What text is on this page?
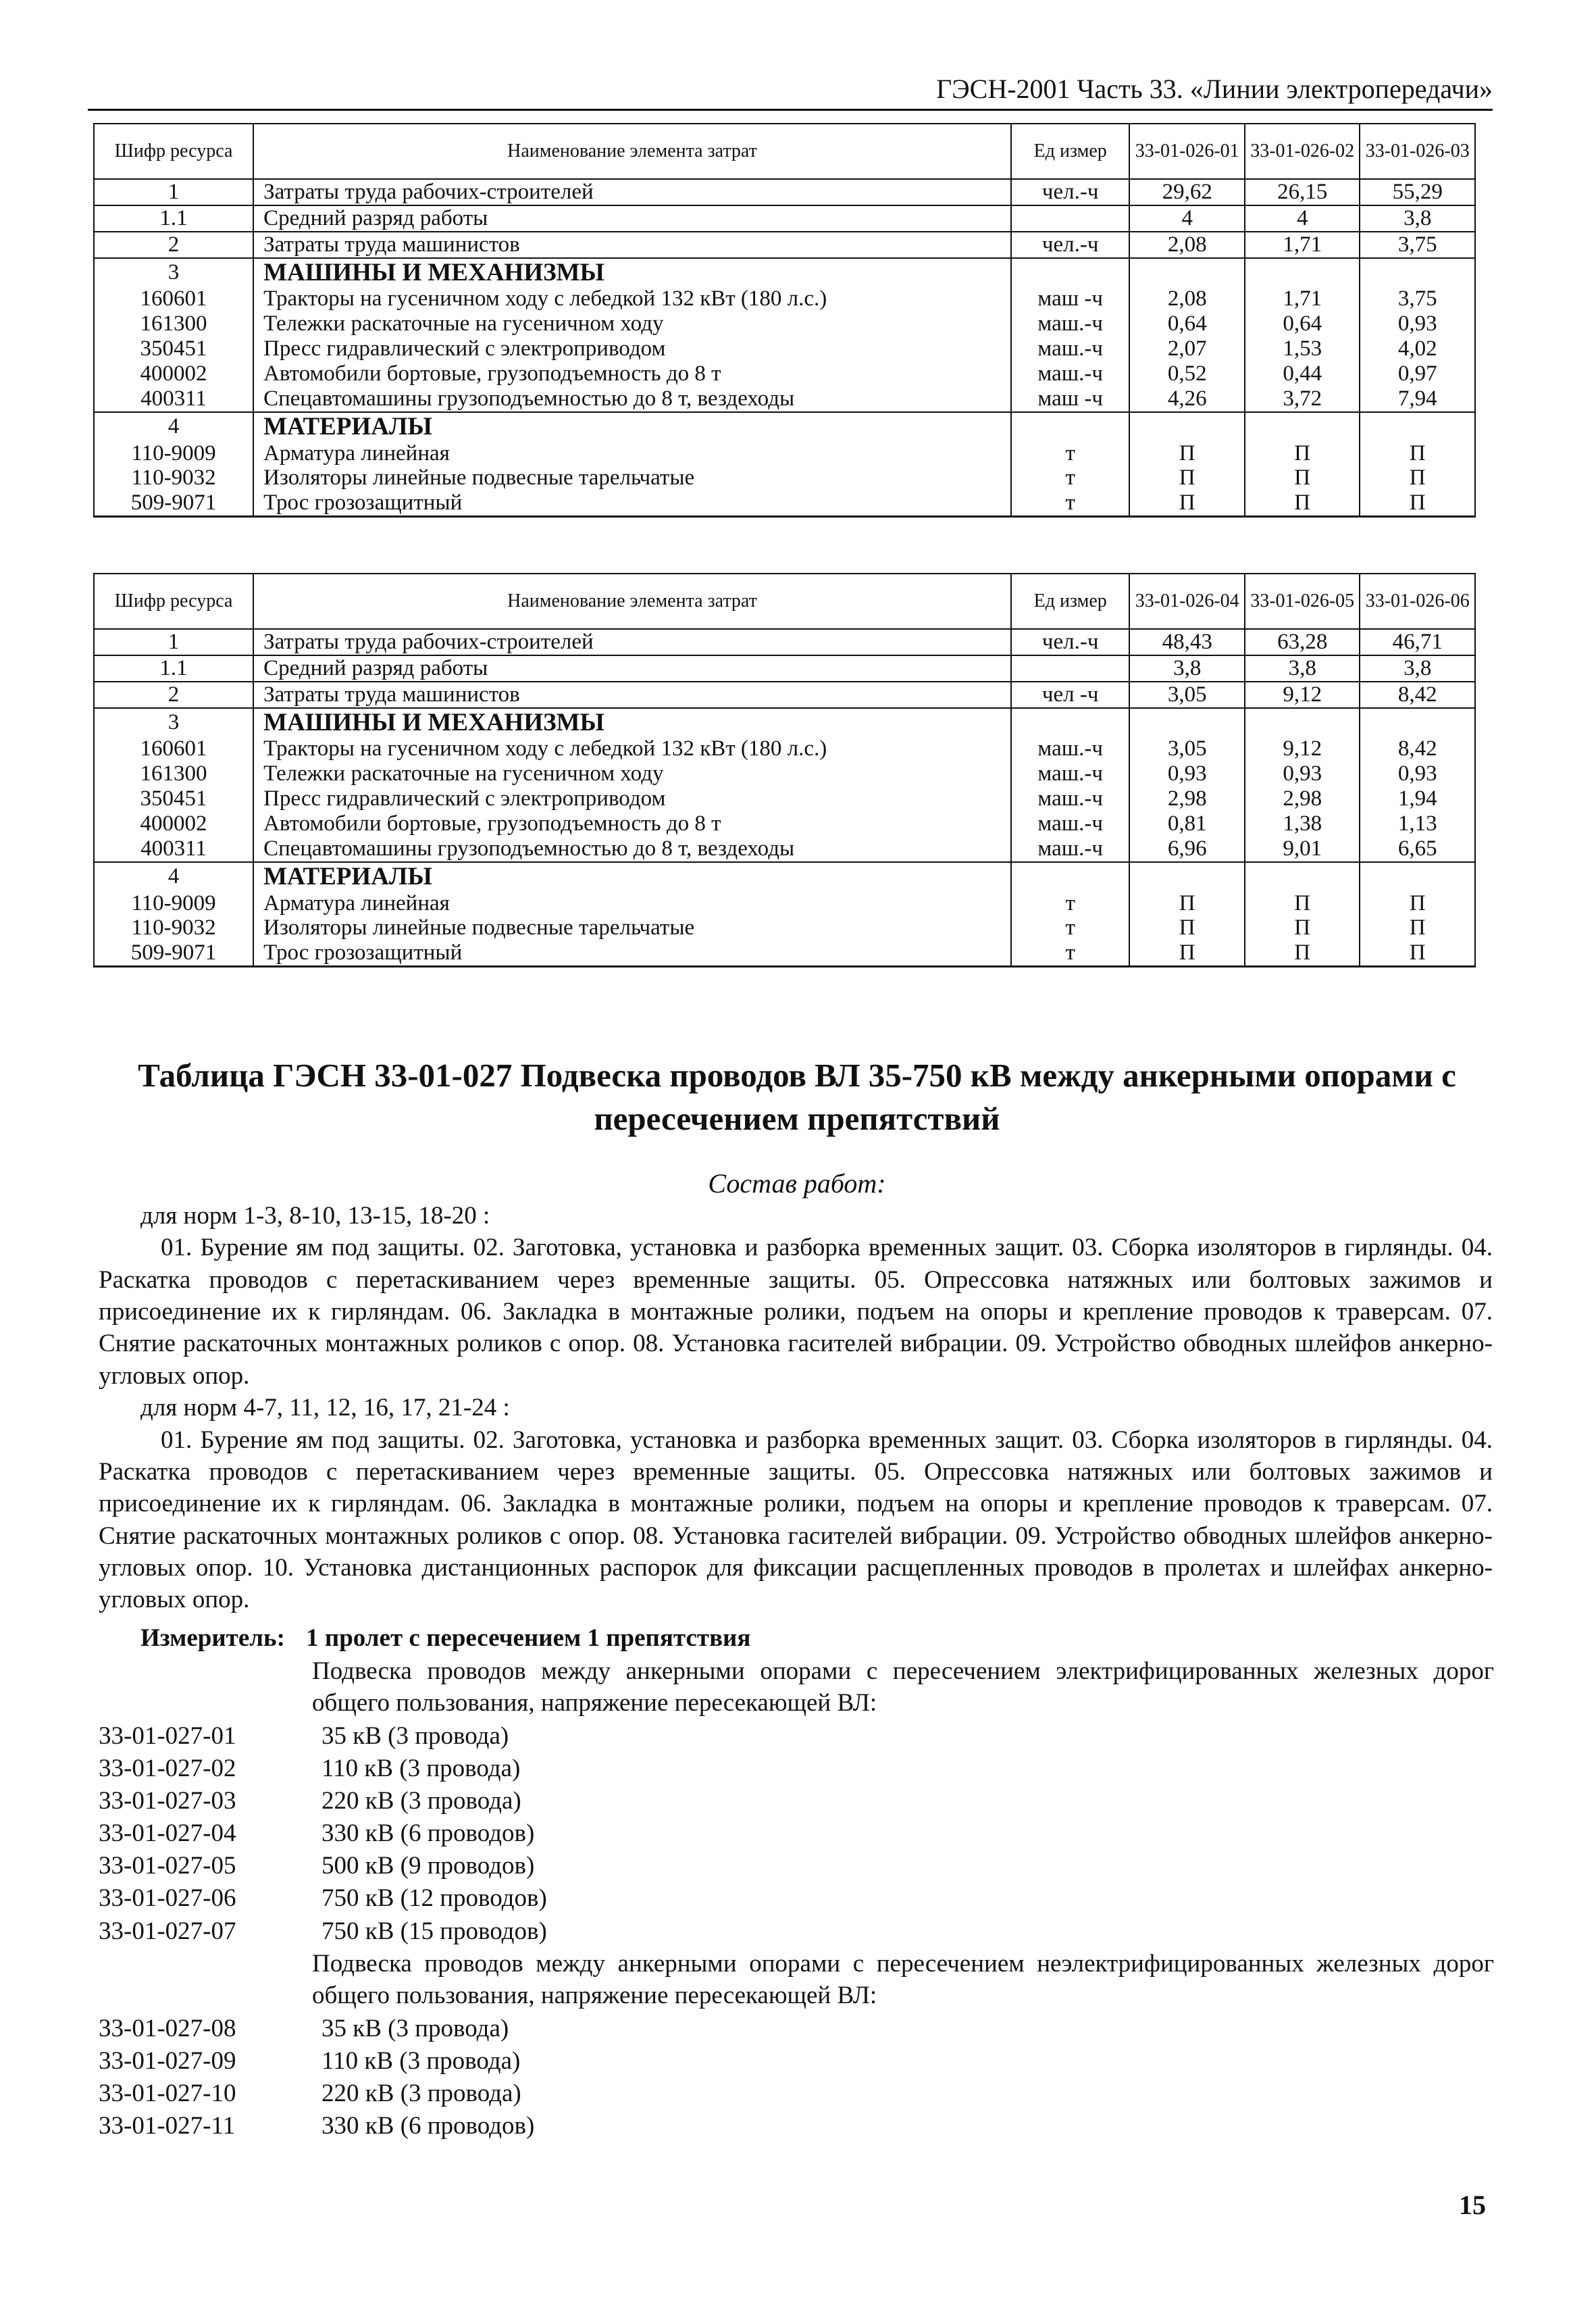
ГЭСН-2001 Часть 33. «Линии электропередачи»
Шифр ресурса	Наименование элемента затрат	Ед измер	33-01-026-01	33-01-026-02	33-01-026-03
1	Затраты труда рабочих-строителей	чел.-ч	29,62	26,15	55,29
1.1	Средний разряд работы		4	4	3,8
2	Затраты труда машинистов	чел.-ч	2,08	1,71	3,75
3	МАШИНЫ И МЕХАНИЗМЫ				
160601	Тракторы на гусеничном ходу с лебедкой 132 кВт (180 л.с.)	маш -ч	2,08	1,71	3,75
161300	Тележки раскаточные на гусеничном ходу	маш.-ч	0,64	0,64	0,93
350451	Пресс гидравлический с электроприводом	маш.-ч	2,07	1,53	4,02
400002	Автомобили бортовые, грузоподъемность до 8 т	маш.-ч	0,52	0,44	0,97
400311	Спецавтомашины грузоподъемностью до 8 т, вездеходы	маш -ч	4,26	3,72	7,94
4	МАТЕРИАЛЫ				
110-9009	Арматура линейная	т	П	П	П
110-9032	Изоляторы линейные подвесные тарельчатые	т	П	П	П
509-9071	Трос грозозащитный	т	П	П	П
Шифр ресурса	Наименование элемента затрат	Ед измер	33-01-026-04	33-01-026-05	33-01-026-06
1	Затраты труда рабочих-строителей	чел.-ч	48,43	63,28	46,71
1.1	Средний разряд работы		3,8	3,8	3,8
2	Затраты труда машинистов	чел -ч	3,05	9,12	8,42
3	МАШИНЫ И МЕХАНИЗМЫ				
160601	Тракторы на гусеничном ходу с лебедкой 132 кВт (180 л.с.)	маш.-ч	3,05	9,12	8,42
161300	Тележки раскаточные на гусеничном ходу	маш.-ч	0,93	0,93	0,93
350451	Пресс гидравлический с электроприводом	маш.-ч	2,98	2,98	1,94
400002	Автомобили бортовые, грузоподъемность до 8 т	маш.-ч	0,81	1,38	1,13
400311	Спецавтомашины грузоподъемностью до 8 т, вездеходы	маш.-ч	6,96	9,01	6,65
4	МАТЕРИАЛЫ				
110-9009	Арматура линейная	т	П	П	П
110-9032	Изоляторы линейные подвесные тарельчатые	т	П	П	П
509-9071	Трос грозозащитный	т	П	П	П
Таблица ГЭСН 33-01-027 Подвеска проводов ВЛ 35-750 кВ между анкерными опорами с
пересечением препятствий
Состав работ:

для норм 1-3, 8-10, 13-15, 18-20 :

01. Бурение ям под защиты. 02. Заготовка, установка и разборка временных защит. 03. Сборка изоляторов в гирлянды. 04. Раскатка проводов с перетаскиванием через временные защиты. 05. Опрессовка натяжных или болтовых зажимов и присоединение их к гирляндам. 06. Закладка в монтажные ролики, подъем на опоры и крепление проводов к траверсам. 07. Снятие раскаточных монтажных роликов с опор. 08. Установка гасителей вибрации. 09. Устройство обводных шлейфов анкерно-угловых опор.

для норм 4-7, 11, 12, 16, 17, 21-24 :

01. Бурение ям под защиты. 02. Заготовка, установка и разборка временных защит. 03. Сборка изоляторов в гирлянды. 04. Раскатка проводов с перетаскиванием через временные защиты. 05. Опрессовка натяжных или болтовых зажимов и присоединение их к гирляндам. 06. Закладка в монтажные ролики, подъем на опоры и крепление проводов к траверсам. 07. Снятие раскаточных монтажных роликов с опор. 08. Установка гасителей вибрации. 09. Устройство обводных шлейфов анкерно-угловых опор. 10. Установка дистанционных распорок для фиксации расщепленных проводов в пролетах и шлейфах анкерно-угловых опор.

Измеритель: 1 пролет с пересечением 1 препятствия
Подвеска проводов между анкерными опорами с пересечением электрифицированных железных дорог общего пользования, напряжение пересекающей ВЛ:
33-01-027-01	35 кВ (3 провода)
33-01-027-02	110 кВ (3 провода)
33-01-027-03	220 кВ (3 провода)
33-01-027-04	330 кВ (6 проводов)
33-01-027-05	500 кВ (9 проводов)
33-01-027-06	750 кВ (12 проводов)
33-01-027-07	750 кВ (15 проводов)
Подвеска проводов между анкерными опорами с пересечением неэлектрифицированных железных дорог общего пользования, напряжение пересекающей ВЛ:
33-01-027-08	35 кВ (3 провода)
33-01-027-09	110 кВ (3 провода)
33-01-027-10	220 кВ (3 провода)
33-01-027-11	330 кВ (6 проводов)
15
